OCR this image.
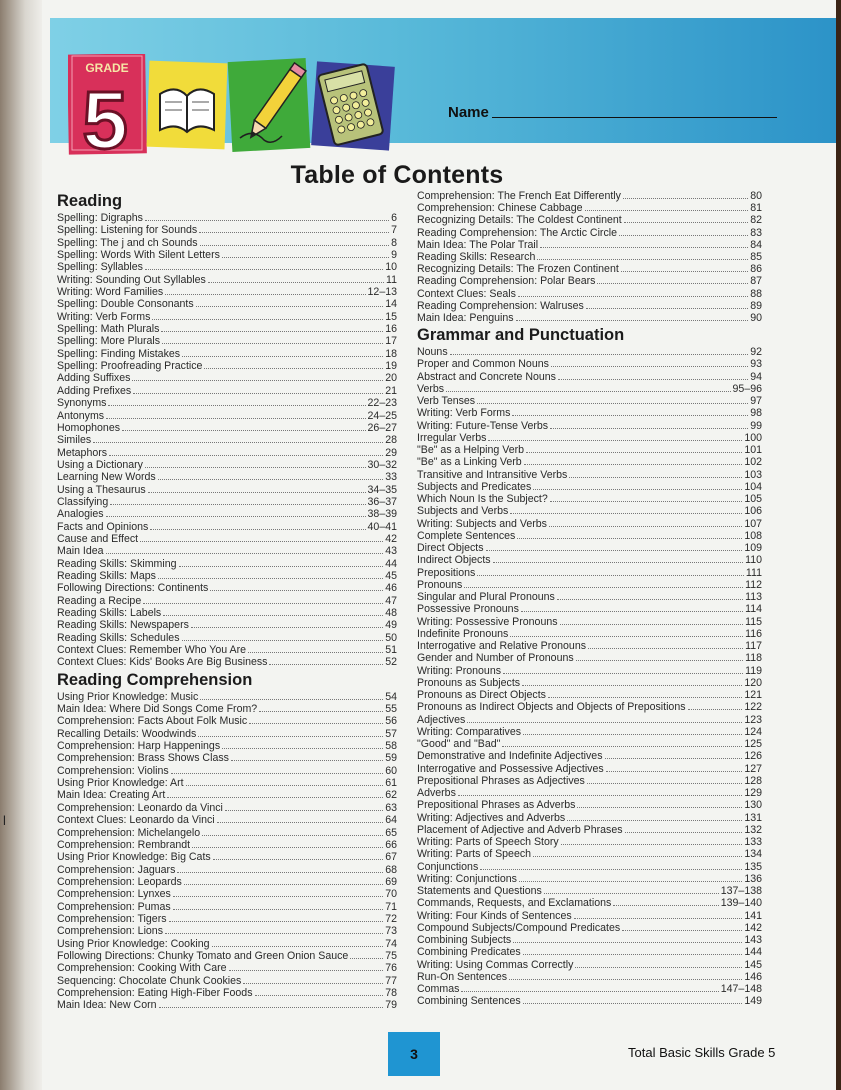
l
GRADE
5	Name
Table of Contents
Reading
Spelling: Digraphs	6
Spelling: Listening for Sounds	7
Spelling: The j and ch Sounds	8
Spelling: Words With Silent Letters	9
Spelling: Syllables	10
Writing: Sounding Out Syllables	11
Writing: Word Families	12–13
Spelling: Double Consonants	14
Writing: Verb Forms	15
Spelling: Math Plurals	16
Spelling: More Plurals	17
Spelling: Finding Mistakes	18
Spelling: Proofreading Practice	19
Adding Suffixes	20
Adding Prefixes	21
Synonyms	22–23
Antonyms	24–25
Homophones	26–27
Similes	28
Metaphors	29
Using a Dictionary	30–32
Learning New Words	33
Using a Thesaurus	34–35
Classifying	36–37
Analogies	38–39
Facts and Opinions	40–41
Cause and Effect	42
Main Idea	43
Reading Skills: Skimming	44
Reading Skills: Maps	45
Following Directions: Continents	46
Reading a Recipe	47
Reading Skills: Labels	48
Reading Skills: Newspapers	49
Reading Skills: Schedules	50
Context Clues: Remember Who You Are	51
Context Clues: Kids' Books Are Big Business	52
Reading Comprehension
Using Prior Knowledge: Music	54
Main Idea: Where Did Songs Come From?	55
Comprehension: Facts About Folk Music	56
Recalling Details: Woodwinds	57
Comprehension: Harp Happenings	58
Comprehension: Brass Shows Class	59
Comprehension: Violins	60
Using Prior Knowledge: Art	61
Main Idea: Creating Art	62
Comprehension: Leonardo da Vinci	63
Context Clues: Leonardo da Vinci	64
Comprehension: Michelangelo	65
Comprehension: Rembrandt	66
Using Prior Knowledge: Big Cats	67
Comprehension: Jaguars	68
Comprehension: Leopards	69
Comprehension: Lynxes	70
Comprehension: Pumas	71
Comprehension: Tigers	72
Comprehension: Lions	73
Using Prior Knowledge: Cooking	74
Following Directions: Chunky Tomato and Green Onion Sauce	75
Comprehension: Cooking With Care	76
Sequencing: Chocolate Chunk Cookies	77
Comprehension: Eating High-Fiber Foods	78
Main Idea: New Corn	79
Comprehension: The French Eat Differently	80
Comprehension: Chinese Cabbage	81
Recognizing Details: The Coldest Continent	82
Reading Comprehension: The Arctic Circle	83
Main Idea: The Polar Trail	84
Reading Skills: Research	85
Recognizing Details: The Frozen Continent	86
Reading Comprehension: Polar Bears	87
Context Clues: Seals	88
Reading Comprehension: Walruses	89
Main Idea: Penguins	90
Grammar and Punctuation
Nouns	92
Proper and Common Nouns	93
Abstract and Concrete Nouns	94
Verbs	95–96
Verb Tenses	97
Writing: Verb Forms	98
Writing: Future-Tense Verbs	99
Irregular Verbs	100
"Be" as a Helping Verb	101
"Be" as a Linking Verb	102
Transitive and Intransitive Verbs	103
Subjects and Predicates	104
Which Noun Is the Subject?	105
Subjects and Verbs	106
Writing: Subjects and Verbs	107
Complete Sentences	108
Direct Objects	109
Indirect Objects	110
Prepositions	111
Pronouns	112
Singular and Plural Pronouns	113
Possessive Pronouns	114
Writing: Possessive Pronouns	115
Indefinite Pronouns	116
Interrogative and Relative Pronouns	117
Gender and Number of Pronouns	118
Writing: Pronouns	119
Pronouns as Subjects	120
Pronouns as Direct Objects	121
Pronouns as Indirect Objects and Objects of Prepositions	122
Adjectives	123
Writing: Comparatives	124
"Good" and "Bad"	125
Demonstrative and Indefinite Adjectives	126
Interrogative and Possessive Adjectives	127
Prepositional Phrases as Adjectives	128
Adverbs	129
Prepositional Phrases as Adverbs	130
Writing: Adjectives and Adverbs	131
Placement of Adjective and Adverb Phrases	132
Writing: Parts of Speech Story	133
Writing: Parts of Speech	134
Conjunctions	135
Writing: Conjunctions	136
Statements and Questions	137–138
Commands, Requests, and Exclamations	139–140
Writing: Four Kinds of Sentences	141
Compound Subjects/Compound Predicates	142
Combining Subjects	143
Combining Predicates	144
Writing: Using Commas Correctly	145
Run-On Sentences	146
Commas	147–148
Combining Sentences	149
3	Total Basic Skills Grade 5
